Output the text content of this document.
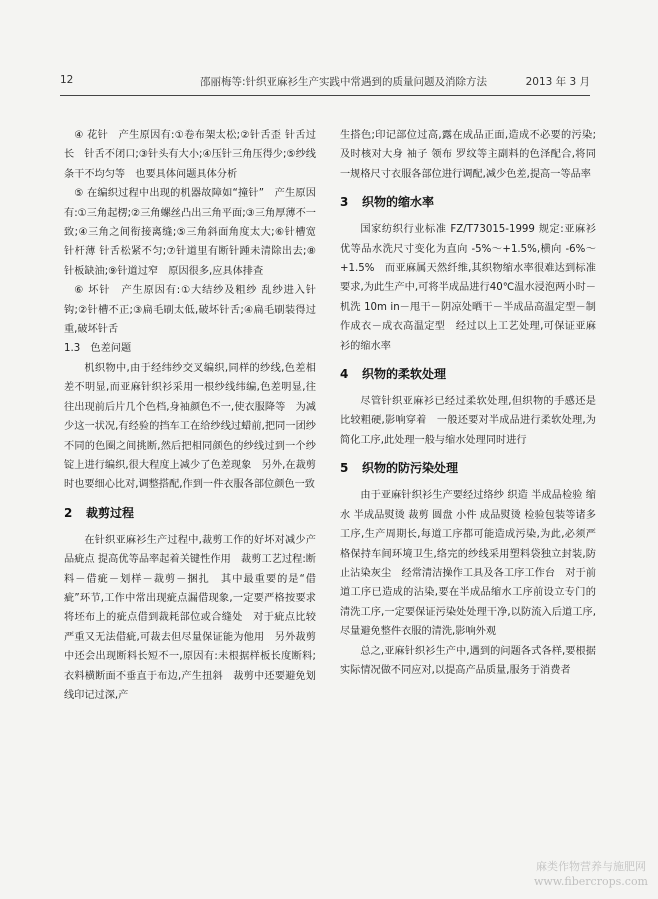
12	邵丽梅等:针织亚麻衫生产实践中常遇到的质量问题及消除方法	2013 年 3 月

④ 花针　产生原因有:①卷布架太松;②针舌歪 针舌过长　针舌不闭口;③针头有大小;④压针三角压得少;⑤纱线条干不均匀等　也要具体问题具体分析

⑤ 在编织过程中出现的机器故障如“撞针”　产生原因有:①三角起楞;②三角螺丝凸出三角平面;③三角厚薄不一致;④三角之间衔接离缝;⑤三角斜面角度太大;⑥针槽宽 针杆薄 针舌松紧不匀;⑦针道里有断针踵未清除出去;⑧针板缺油;⑨针道过窄　原因很多,应具体排查

⑥ 坏针　产生原因有:①大结纱及粗纱 乱纱进入针钩;②针槽不正;③扁毛刷太低,破坏针舌;④扁毛刷装得过重,破坏针舌

1.3　色差问题

机织物中,由于经纬纱交叉编织,同样的纱线,色差相差不明显,而亚麻针织衫采用一根纱线纬编,色差明显,往往出现前后片几个色档,身袖颜色不一,使衣服降等　为减少这一状况,有经验的挡车工在给纱线过蜡前,把同一团纱不同的色圈之间挑断,然后把相同颜色的纱线过到一个纱锭上进行编织,很大程度上减少了色差现象　另外,在裁剪时也要细心比对,调整搭配,作到一件衣服各部位颜色一致

2 裁剪过程

在针织亚麻衫生产过程中,裁剪工作的好坏对减少产品疵点 提高优等品率起着关键性作用　裁剪工艺过程:断料－借疵－划样－裁剪－捆扎　其中最重要的是“借疵”环节,工作中常出现疵点漏借现象,一定要严格按要求将坯布上的疵点借到裁耗部位或合缝处　对于疵点比较严重又无法借疵,可裁去但尽量保证能为他用　另外裁剪中还会出现断料长短不一,原因有:未根据样板长度断料;衣料横断面不垂直于布边,产生扭斜　裁剪中还要避免划线印记过深,产

生搭色;印记部位过高,露在成品正面,造成不必要的污染;及时核对大身 袖子 领布 罗纹等主副料的色泽配合,将同一规格尺寸衣服各部位进行调配,减少色差,提高一等品率

3 织物的缩水率

国家纺织行业标准 FZ/T73015-1999 规定:亚麻衫优等品水洗尺寸变化为直向 -5%～+1.5%,横向 -6%～+1.5%　而亚麻属天然纤维,其织物缩水率很难达到标准要求,为此生产中,可将半成品进行40℃温水浸泡两小时－机洗 10m in－甩干－阴凉处晒干－半成品高温定型－制作成衣－成衣高温定型　经过以上工艺处理,可保证亚麻衫的缩水率

4 织物的柔软处理

尽管针织亚麻衫已经过柔软处理,但织物的手感还是比较粗硬,影响穿着　一般还要对半成品进行柔软处理,为简化工序,此处理一般与缩水处理同时进行

5 织物的防污染处理

由于亚麻针织衫生产要经过络纱 织造 半成品检验 缩水 半成品熨烫 裁剪 圆盘 小件 成品熨烫 检验包装等诸多工序,生产周期长,每道工序都可能造成污染,为此,必须严格保持车间环境卫生,络完的纱线采用塑料袋独立封装,防止沾染灰尘　经常清洁操作工具及各工序工作台　对于前道工序已造成的沾染,要在半成品缩水工序前设立专门的清洗工序,一定要保证污染处处理干净,以防流入后道工序,尽量避免整件衣服的清洗,影响外观

总之,亚麻针织衫生产中,遇到的问题各式各样,要根据实际情况做不同应对,以提高产品质量,服务于消费者

麻类作物营养与施肥网
www.fibercrops.com
